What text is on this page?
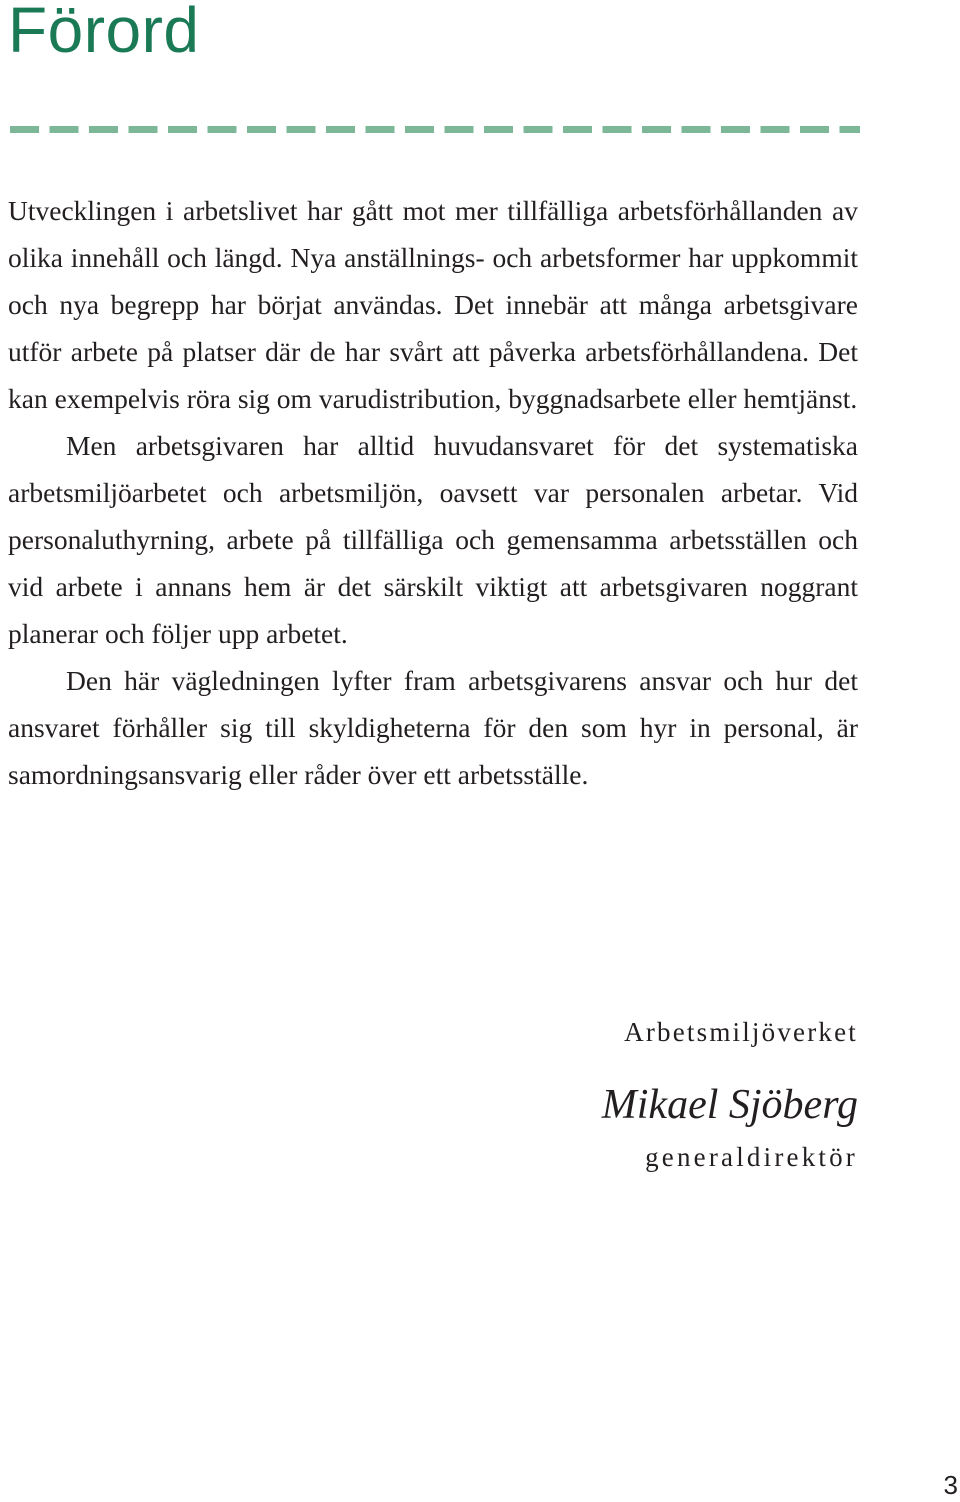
Förord

Utvecklingen i arbetslivet har gått mot mer tillfälliga arbetsförhållanden av olika innehåll och längd. Nya anställnings- och arbetsformer har uppkommit och nya begrepp har börjat användas. Det innebär att många arbetsgivare utför arbete på platser där de har svårt att påverka arbetsförhållandena. Det kan exempelvis röra sig om varudistribution, byggnadsarbete eller hemtjänst.

Men arbetsgivaren har alltid huvudansvaret för det systematiska arbetsmiljöarbetet och arbetsmiljön, oavsett var personalen arbetar. Vid personaluthyrning, arbete på tillfälliga och gemensamma arbetsställen och vid arbete i annans hem är det särskilt viktigt att arbetsgivaren noggrant planerar och följer upp arbetet.

Den här vägledningen lyfter fram arbetsgivarens ansvar och hur det ansvaret förhåller sig till skyldigheterna för den som hyr in personal, är samordningsansvarig eller råder över ett arbetsställe.

Arbetsmiljöverket
Mikael Sjöberg
generaldirektör
3
